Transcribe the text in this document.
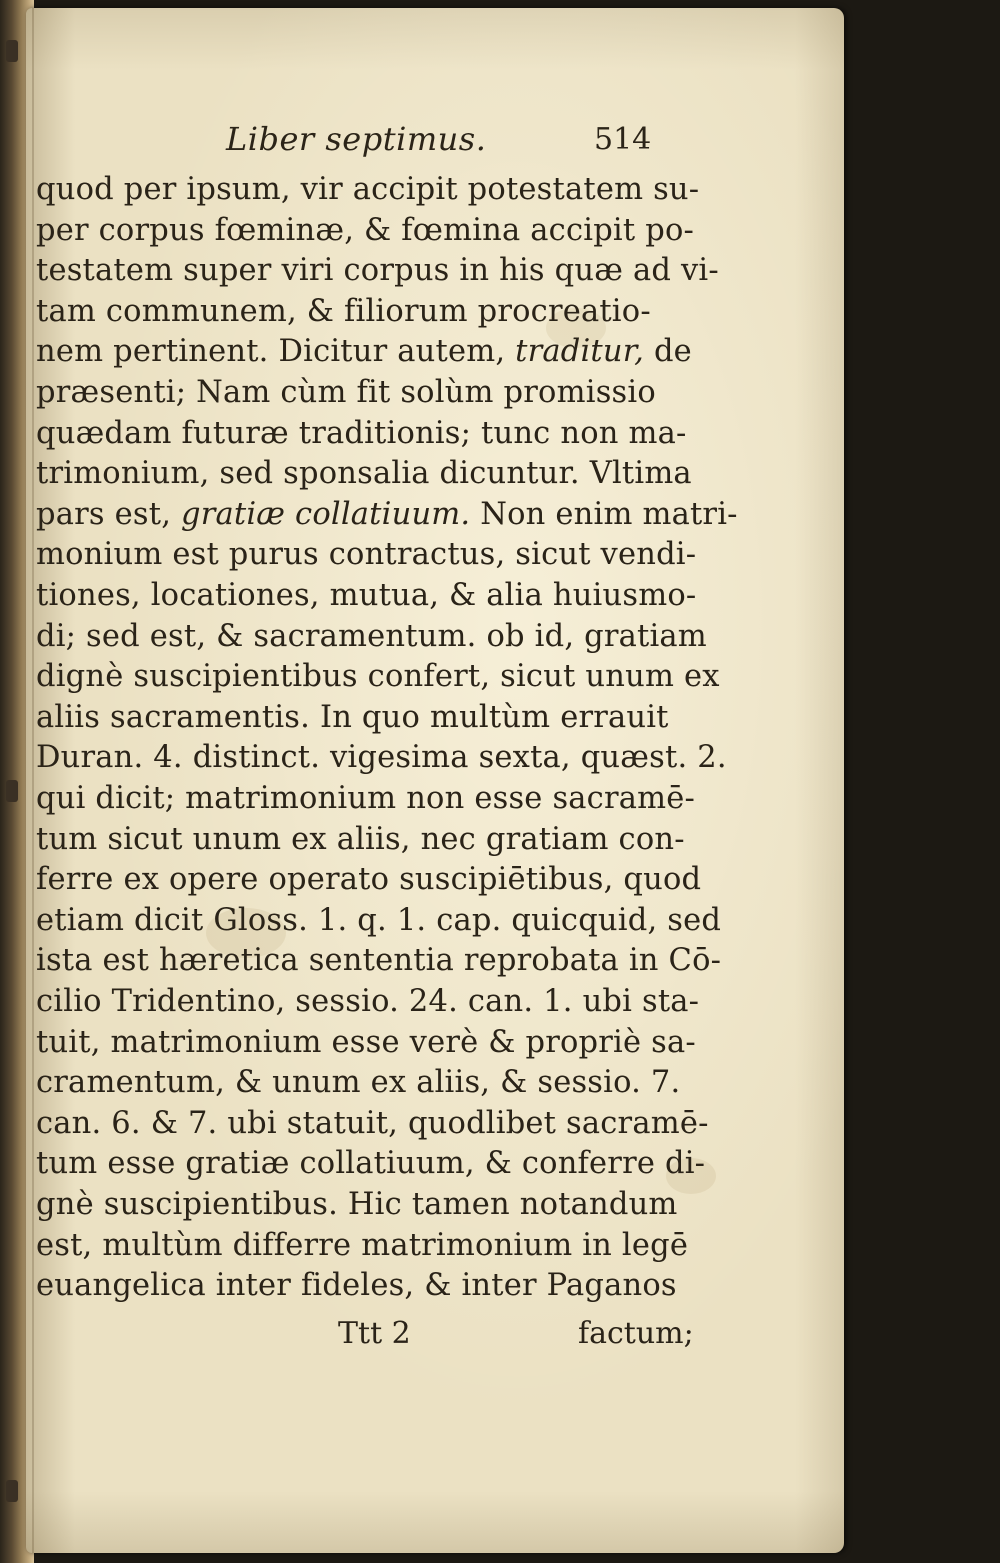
Liber septimus.	514
quod per ipsum, vir accipit potestatem su-
per corpus fœminæ, & fœmina accipit po-
testatem super viri corpus in his quæ ad vi-
tam communem, & filiorum procreatio-
nem pertinent. Dicitur autem, traditur, de
præsenti; Nam cùm fit solùm promissio
quædam futuræ traditionis; tunc non ma-
trimonium, sed sponsalia dicuntur. Vltima
pars est, gratiæ collatiuum. Non enim matri-
monium est purus contractus, sicut vendi-
tiones, locationes, mutua, & alia huiusmo-
di; sed est, & sacramentum. ob id, gratiam
dignè suscipientibus confert, sicut unum ex
aliis sacramentis. In quo multùm errauit
Duran. 4. distinct. vigesima sexta, quæst. 2.
qui dicit; matrimonium non esse sacramē-
tum sicut unum ex aliis, nec gratiam con-
ferre ex opere operato suscipiētibus, quod
etiam dicit Gloss. 1. q. 1. cap. quicquid, sed
ista est hæretica sententia reprobata in Cō-
cilio Tridentino, sessio. 24. can. 1. ubi sta-
tuit, matrimonium esse verè & propriè sa-
cramentum, & unum ex aliis, & sessio. 7.
can. 6. & 7. ubi statuit, quodlibet sacramē-
tum esse gratiæ collatiuum, & conferre di-
gnè suscipientibus. Hic tamen notandum
est, multùm differre matrimonium in legē
euangelica inter fideles, & inter Paganos
Ttt 2	factum;
